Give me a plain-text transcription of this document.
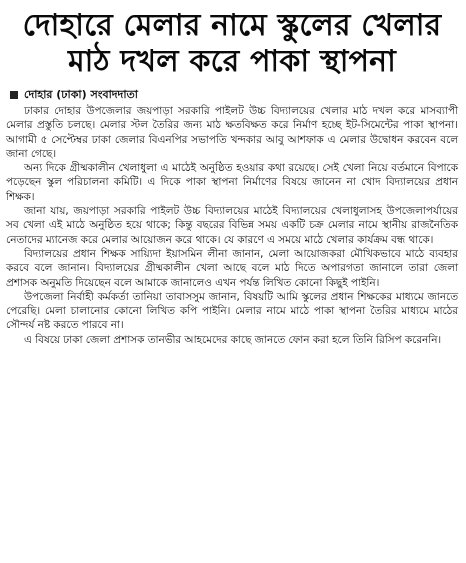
দোহারে মেলার নামে স্কুলের খেলার
মাঠ দখল করে পাকা স্থাপনা
দোহার (ঢাকা) সংবাদদাতা

ঢাকার দোহার উপজেলার জয়পাড়া সরকারি পাইলট উচ্চ বিদ্যালয়ের খেলার মাঠ দখল করে মাসব্যাপী মেলার প্রস্তুতি চলছে। মেলার স্টল তৈরির জন্য মাঠ ক্ষতবিক্ষত করে নির্মাণ হচ্ছে ইট-সিমেন্টের পাকা স্থাপনা। আগামী ৫ সেপ্টেম্বর ঢাকা জেলার বিএনপির সভাপতি খন্দকার আবু আশফাক এ মেলার উদ্বোধন করবেন বলে জানা গেছে।

অন্য দিকে গ্রীষ্মকালীন খেলাধুলা এ মাঠেই অনুষ্ঠিত হওয়ার কথা রয়েছে। সেই খেলা নিয়ে বর্তমানে বিপাকে পড়েছেন স্কুল পরিচালনা কমিটি। এ দিকে পাকা স্থাপনা নির্মাণের বিষয়ে জানেন না খোদ বিদ্যালয়ের প্রধান শিক্ষক।

জানা যায়, জয়পাড়া সরকারি পাইলট উচ্চ বিদ্যালয়ের মাঠেই বিদ্যালয়ের খেলাধুলাসহ উপজেলাপর্যায়ের সব খেলা এই মাঠে অনুষ্ঠিত হয়ে থাকে; কিন্তু বছরের বিভিন্ন সময় একটি চক্র মেলার নামে স্থানীয় রাজনৈতিক নেতাদের ম্যানেজ করে মেলার আয়োজন করে থাকে। যে কারণে এ সময়ে মাঠে খেলার কার্যক্রম বন্ধ থাকে।

বিদ্যালয়ের প্রধান শিক্ষক সায়্যিদা ইয়াসমিন লীনা জানান, মেলা আয়োজকরা মৌখিকভাবে মাঠে ব্যবহার করবে বলে জানান। বিদ্যালয়ের গ্রীষ্মকালীন খেলা আছে বলে মাঠ দিতে অপারগতা জানালে তারা জেলা প্রশাসক অনুমতি দিয়েছেন বলে আমাকে জানালেও এখন পর্যন্ত লিখিত কোনো কিছুই পাইনি।

উপজেলা নির্বাহী কর্মকর্তা তানিয়া তাবাসসুম জানান, বিষয়টি আমি স্কুলের প্রধান শিক্ষকের মাধ্যমে জানতে পেরেছি। মেলা চালানোর কোনো লিখিত কপি পাইনি। মেলার নামে মাঠে পাকা স্থাপনা তৈরির মাধ্যমে মাঠের সৌন্দর্য নষ্ট করতে পারবে না।

এ বিষয়ে ঢাকা জেলা প্রশাসক তানভীর আহমেদের কাছে জানতে ফোন করা হলে তিনি রিসিপ করেননি।
